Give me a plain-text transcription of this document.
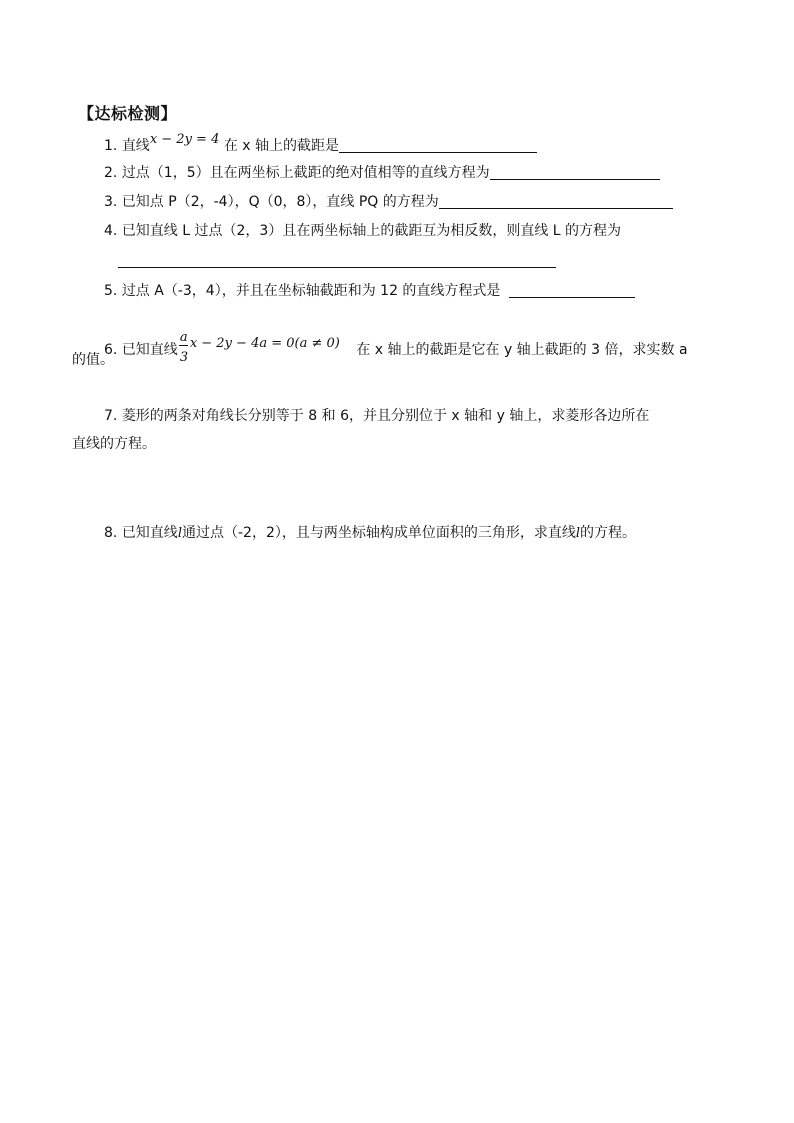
【达标检测】
1. 直线x − 2y = 4 在 x 轴上的截距是
2. 过点（1，5）且在两坐标上截距的绝对值相等的直线方程为
3. 已知点 P（2，-4），Q（0，8），直线 PQ 的方程为
4. 已知直线 L 过点（2，3）且在两坐标轴上的截距互为相反数，则直线 L 的方程为
5. 过点 A（-3，4），并且在坐标轴截距和为 12 的直线方程式是
6. 已知直线 $\frac{a}{3}$ x − 2y − 4a = 0(a ≠ 0) 在 x 轴上的截距是它在 y 轴上截距的 3 倍，求实数 a
的值。
7. 菱形的两条对角线长分别等于 8 和 6，并且分别位于 x 轴和 y 轴上，求菱形各边所在
直线的方程。
8. 已知直线l通过点（-2，2），且与两坐标轴构成单位面积的三角形，求直线l的方程。
